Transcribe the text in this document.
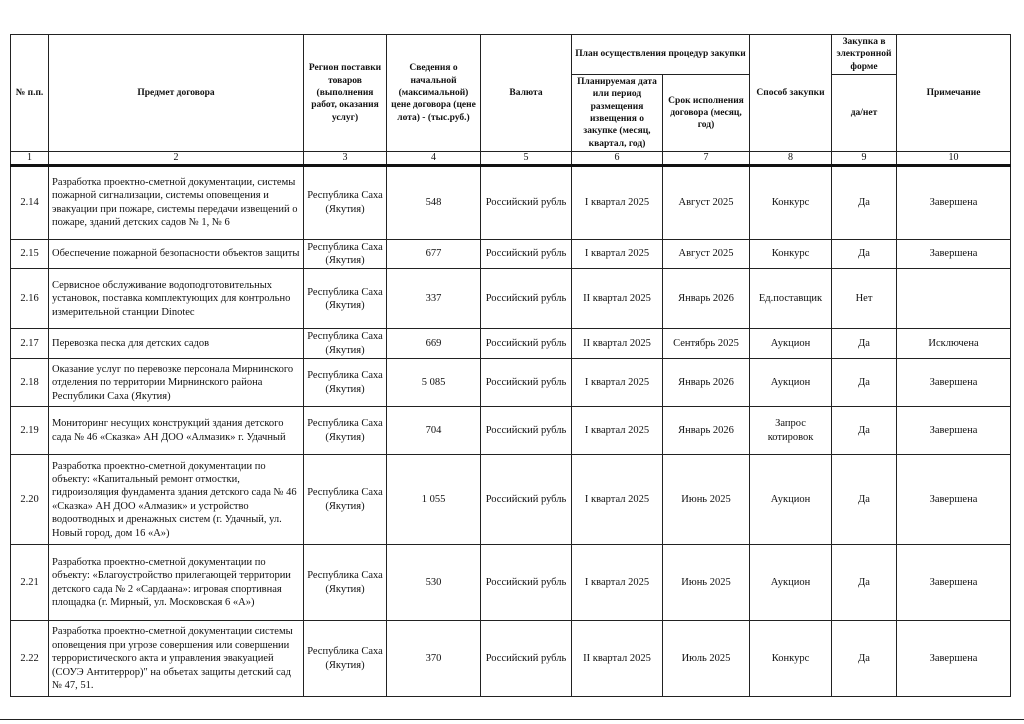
№ п.п.	Предмет договора	Регион поставки товаров (выполнения работ, оказания услуг)	Сведения о начальной (максимальной) цене договора (цене лота) - (тыс.руб.)	Валюта	План осуществления процедур закупки		Способ закупки	Закупка в электронной форме	Примечание
					Планируемая дата или период размещения извещения о закупке (месяц, квартал, год)	Срок исполнения договора (месяц, год)		да/нет	
1	2	3	4	5	6	7	8	9	10
2.14	Разработка проектно-сметной документации, системы пожарной сигнализации, системы оповещения и эвакуации при пожаре, системы передачи извещений о пожаре, зданий детских садов № 1, № 6	Республика Саха (Якутия)	548	Российский рубль	I квартал 2025	Август 2025	Конкурс	Да	Завершена
2.15	Обеспечение пожарной безопасности объектов защиты	Республика Саха (Якутия)	677	Российский рубль	I квартал 2025	Август 2025	Конкурс	Да	Завершена
2.16	Сервисное обслуживание водоподготовительных установок, поставка комплектующих для контрольно измерительной станции Dinotec	Республика Саха (Якутия)	337	Российский рубль	II квартал 2025	Январь 2026	Ед.поставщик	Нет	
2.17	Перевозка песка для детских садов	Республика Саха (Якутия)	669	Российский рубль	II квартал 2025	Сентябрь 2025	Аукцион	Да	Исключена
2.18	Оказание услуг по перевозке персонала Мирнинского отделения по территории Мирнинского района Республики Саха (Якутия)	Республика Саха (Якутия)	5 085	Российский рубль	I квартал 2025	Январь 2026	Аукцион	Да	Завершена
2.19	Мониторинг несущих конструкций здания детского сада № 46 «Сказка» АН ДОО «Алмазик» г. Удачный	Республика Саха (Якутия)	704	Российский рубль	I квартал 2025	Январь 2026	Запрос котировок	Да	Завершена
2.20	Разработка проектно-сметной документации по объекту: «Капитальный ремонт отмостки, гидроизоляция фундамента здания детского сада № 46 «Сказка» АН ДОО «Алмазик» и устройство водоотводных и дренажных систем (г. Удачный, ул. Новый город, дом 16 «А»)	Республика Саха (Якутия)	1 055	Российский рубль	I квартал 2025	Июнь 2025	Аукцион	Да	Завершена
2.21	Разработка проектно-сметной документации по объекту: «Благоустройство прилегающей территории детского сада № 2 «Сардаана»: игровая спортивная площадка (г. Мирный, ул. Московская 6 «А»)	Республика Саха (Якутия)	530	Российский рубль	I квартал 2025	Июнь 2025	Аукцион	Да	Завершена
2.22	Разработка проектно-сметной документации системы оповещения при угрозе совершения или совершении террористического акта и управления эвакуацией (СОУЭ Антитеррор)" на объетах защиты детский сад № 47, 51.	Республика Саха (Якутия)	370	Российский рубль	II квартал 2025	Июль 2025	Конкурс	Да	Завершена
